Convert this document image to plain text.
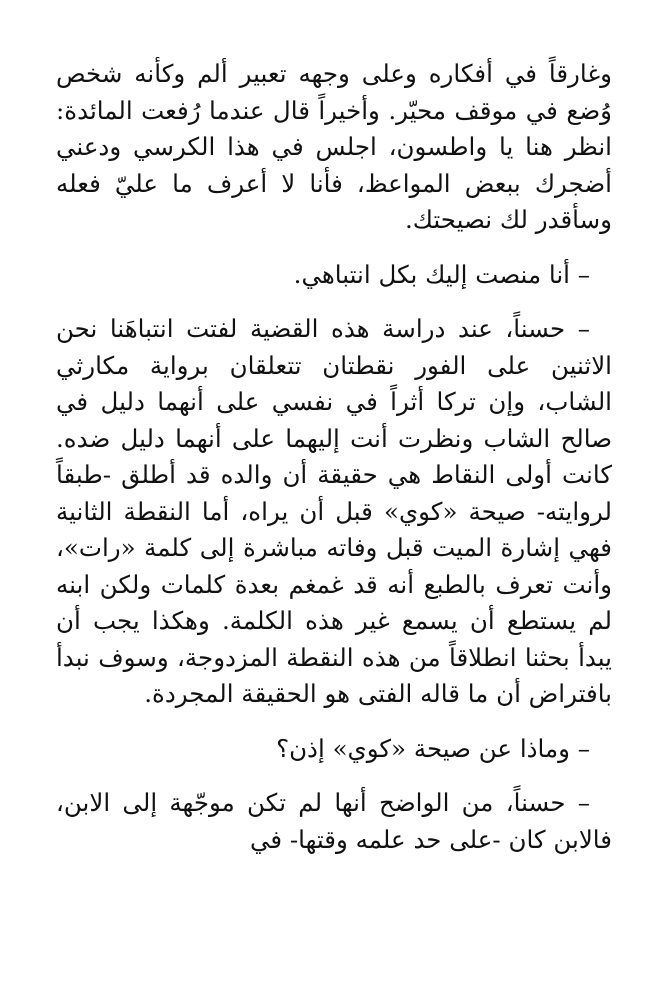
وغارقاً في أفكاره وعلى وجهه تعبير ألم وكأنه شخص وُضع في موقف محيّر. وأخيراً قال عندما رُفعت المائدة: انظر هنا يا واطسون، اجلس في هذا الكرسي ودعني أضجرك ببعض المواعظ، فأنا لا أعرف ما عليّ فعله وسأقدر لك نصيحتك.

– أنا منصت إليك بكل انتباهي.

– حسناً، عند دراسة هذه القضية لفتت انتباهَنا نحن الاثنين على الفور نقطتان تتعلقان برواية مكارثي الشاب، وإن تركا أثراً في نفسي على أنهما دليل في صالح الشاب ونظرت أنت إليهما على أنهما دليل ضده. كانت أولى النقاط هي حقيقة أن والده قد أطلق -طبقاً لروايته- صيحة «كوي» قبل أن يراه، أما النقطة الثانية فهي إشارة الميت قبل وفاته مباشرة إلى كلمة «رات»، وأنت تعرف بالطبع أنه قد غمغم بعدة كلمات ولكن ابنه لم يستطع أن يسمع غير هذه الكلمة. وهكذا يجب أن يبدأ بحثنا انطلاقاً من هذه النقطة المزدوجة، وسوف نبدأ بافتراض أن ما قاله الفتى هو الحقيقة المجردة.

– وماذا عن صيحة «كوي» إذن؟

– حسناً، من الواضح أنها لم تكن موجّهة إلى الابن، فالابن كان -على حد علمه وقتها- في
